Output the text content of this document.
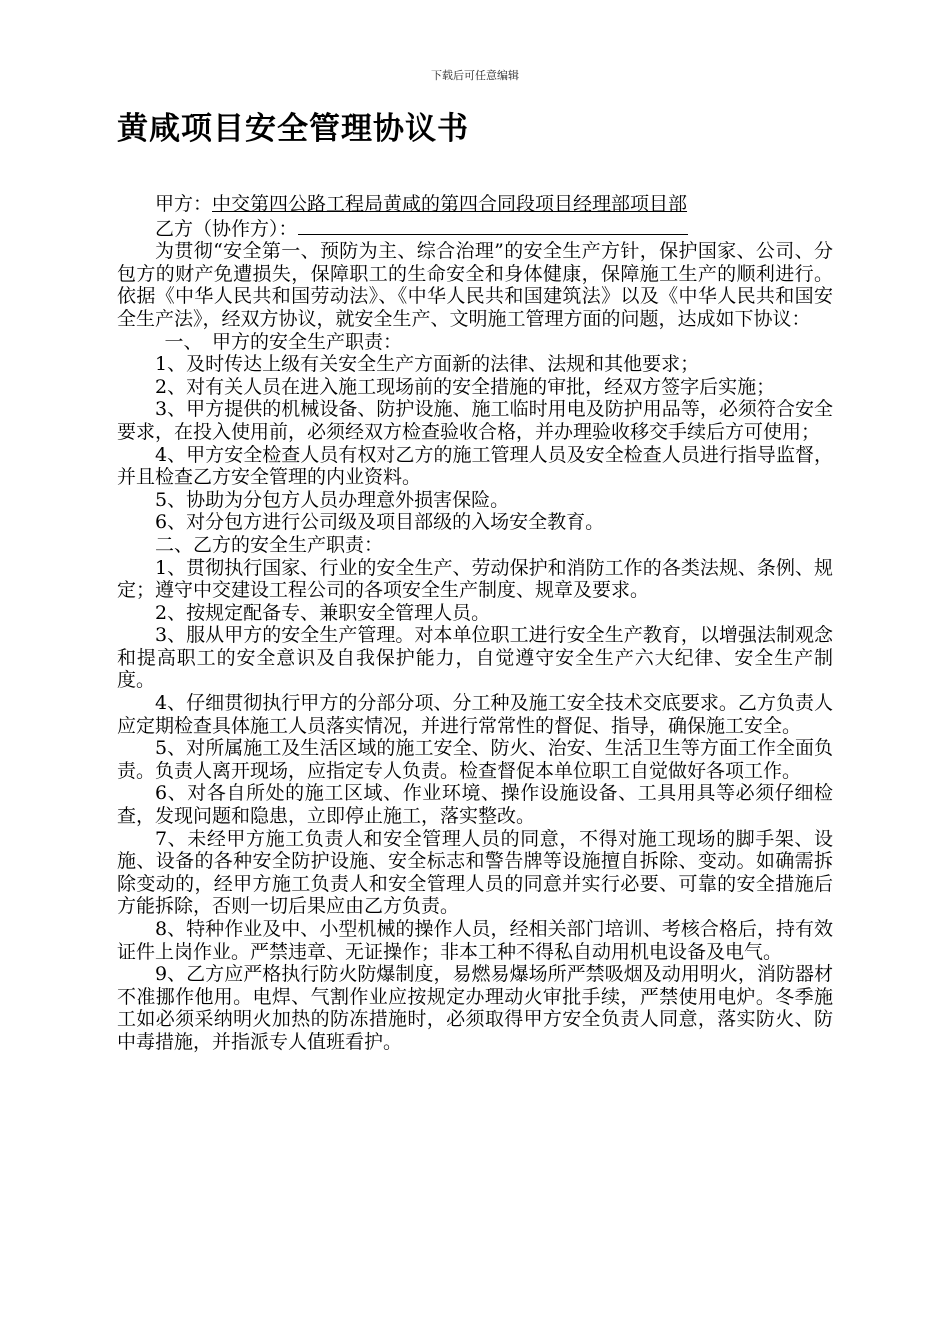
下载后可任意编辑
黄咸项目安全管理协议书

甲方：中交第四公路工程局黄咸的第四合同段项目经理部项目部

乙方（协作方）：

为贯彻“安全第一、预防为主、综合治理”的安全生产方针，保护国家、公司、分包方的财产免遭损失，保障职工的生命安全和身体健康，保障施工生产的顺利进行。依据《中华人民共和国劳动法》、《中华人民共和国建筑法》以及《中华人民共和国安全生产法》，经双方协议，就安全生产、文明施工管理方面的问题，达成如下协议：

一、　甲方的安全生产职责：

1、及时传达上级有关安全生产方面新的法律、法规和其他要求；

2、对有关人员在进入施工现场前的安全措施的审批，经双方签字后实施；

3、甲方提供的机械设备、防护设施、施工临时用电及防护用品等，必须符合安全要求，在投入使用前，必须经双方检查验收合格，并办理验收移交手续后方可使用；

4、甲方安全检查人员有权对乙方的施工管理人员及安全检查人员进行指导监督，并且检查乙方安全管理的内业资料。

5、协助为分包方人员办理意外损害保险。

6、对分包方进行公司级及项目部级的入场安全教育。

二、乙方的安全生产职责：

1、贯彻执行国家、行业的安全生产、劳动保护和消防工作的各类法规、条例、规定；遵守中交建设工程公司的各项安全生产制度、规章及要求。

2、按规定配备专、兼职安全管理人员。

3、服从甲方的安全生产管理。对本单位职工进行安全生产教育，以增强法制观念和提高职工的安全意识及自我保护能力，自觉遵守安全生产六大纪律、安全生产制度。

4、仔细贯彻执行甲方的分部分项、分工种及施工安全技术交底要求。乙方负责人应定期检查具体施工人员落实情况，并进行常常性的督促、指导，确保施工安全。

5、对所属施工及生活区域的施工安全、防火、治安、生活卫生等方面工作全面负责。负责人离开现场，应指定专人负责。检查督促本单位职工自觉做好各项工作。

6、对各自所处的施工区域、作业环境、操作设施设备、工具用具等必须仔细检查，发现问题和隐患，立即停止施工，落实整改。

7、未经甲方施工负责人和安全管理人员的同意，不得对施工现场的脚手架、设施、设备的各种安全防护设施、安全标志和警告牌等设施擅自拆除、变动。如确需拆除变动的，经甲方施工负责人和安全管理人员的同意并实行必要、可靠的安全措施后方能拆除，否则一切后果应由乙方负责。

8、特种作业及中、小型机械的操作人员，经相关部门培训、考核合格后，持有效证件上岗作业。严禁违章、无证操作；非本工种不得私自动用机电设备及电气。

9、乙方应严格执行防火防爆制度，易燃易爆场所严禁吸烟及动用明火，消防器材不准挪作他用。电焊、气割作业应按规定办理动火审批手续，严禁使用电炉。冬季施工如必须采纳明火加热的防冻措施时，必须取得甲方安全负责人同意，落实防火、防中毒措施，并指派专人值班看护。
